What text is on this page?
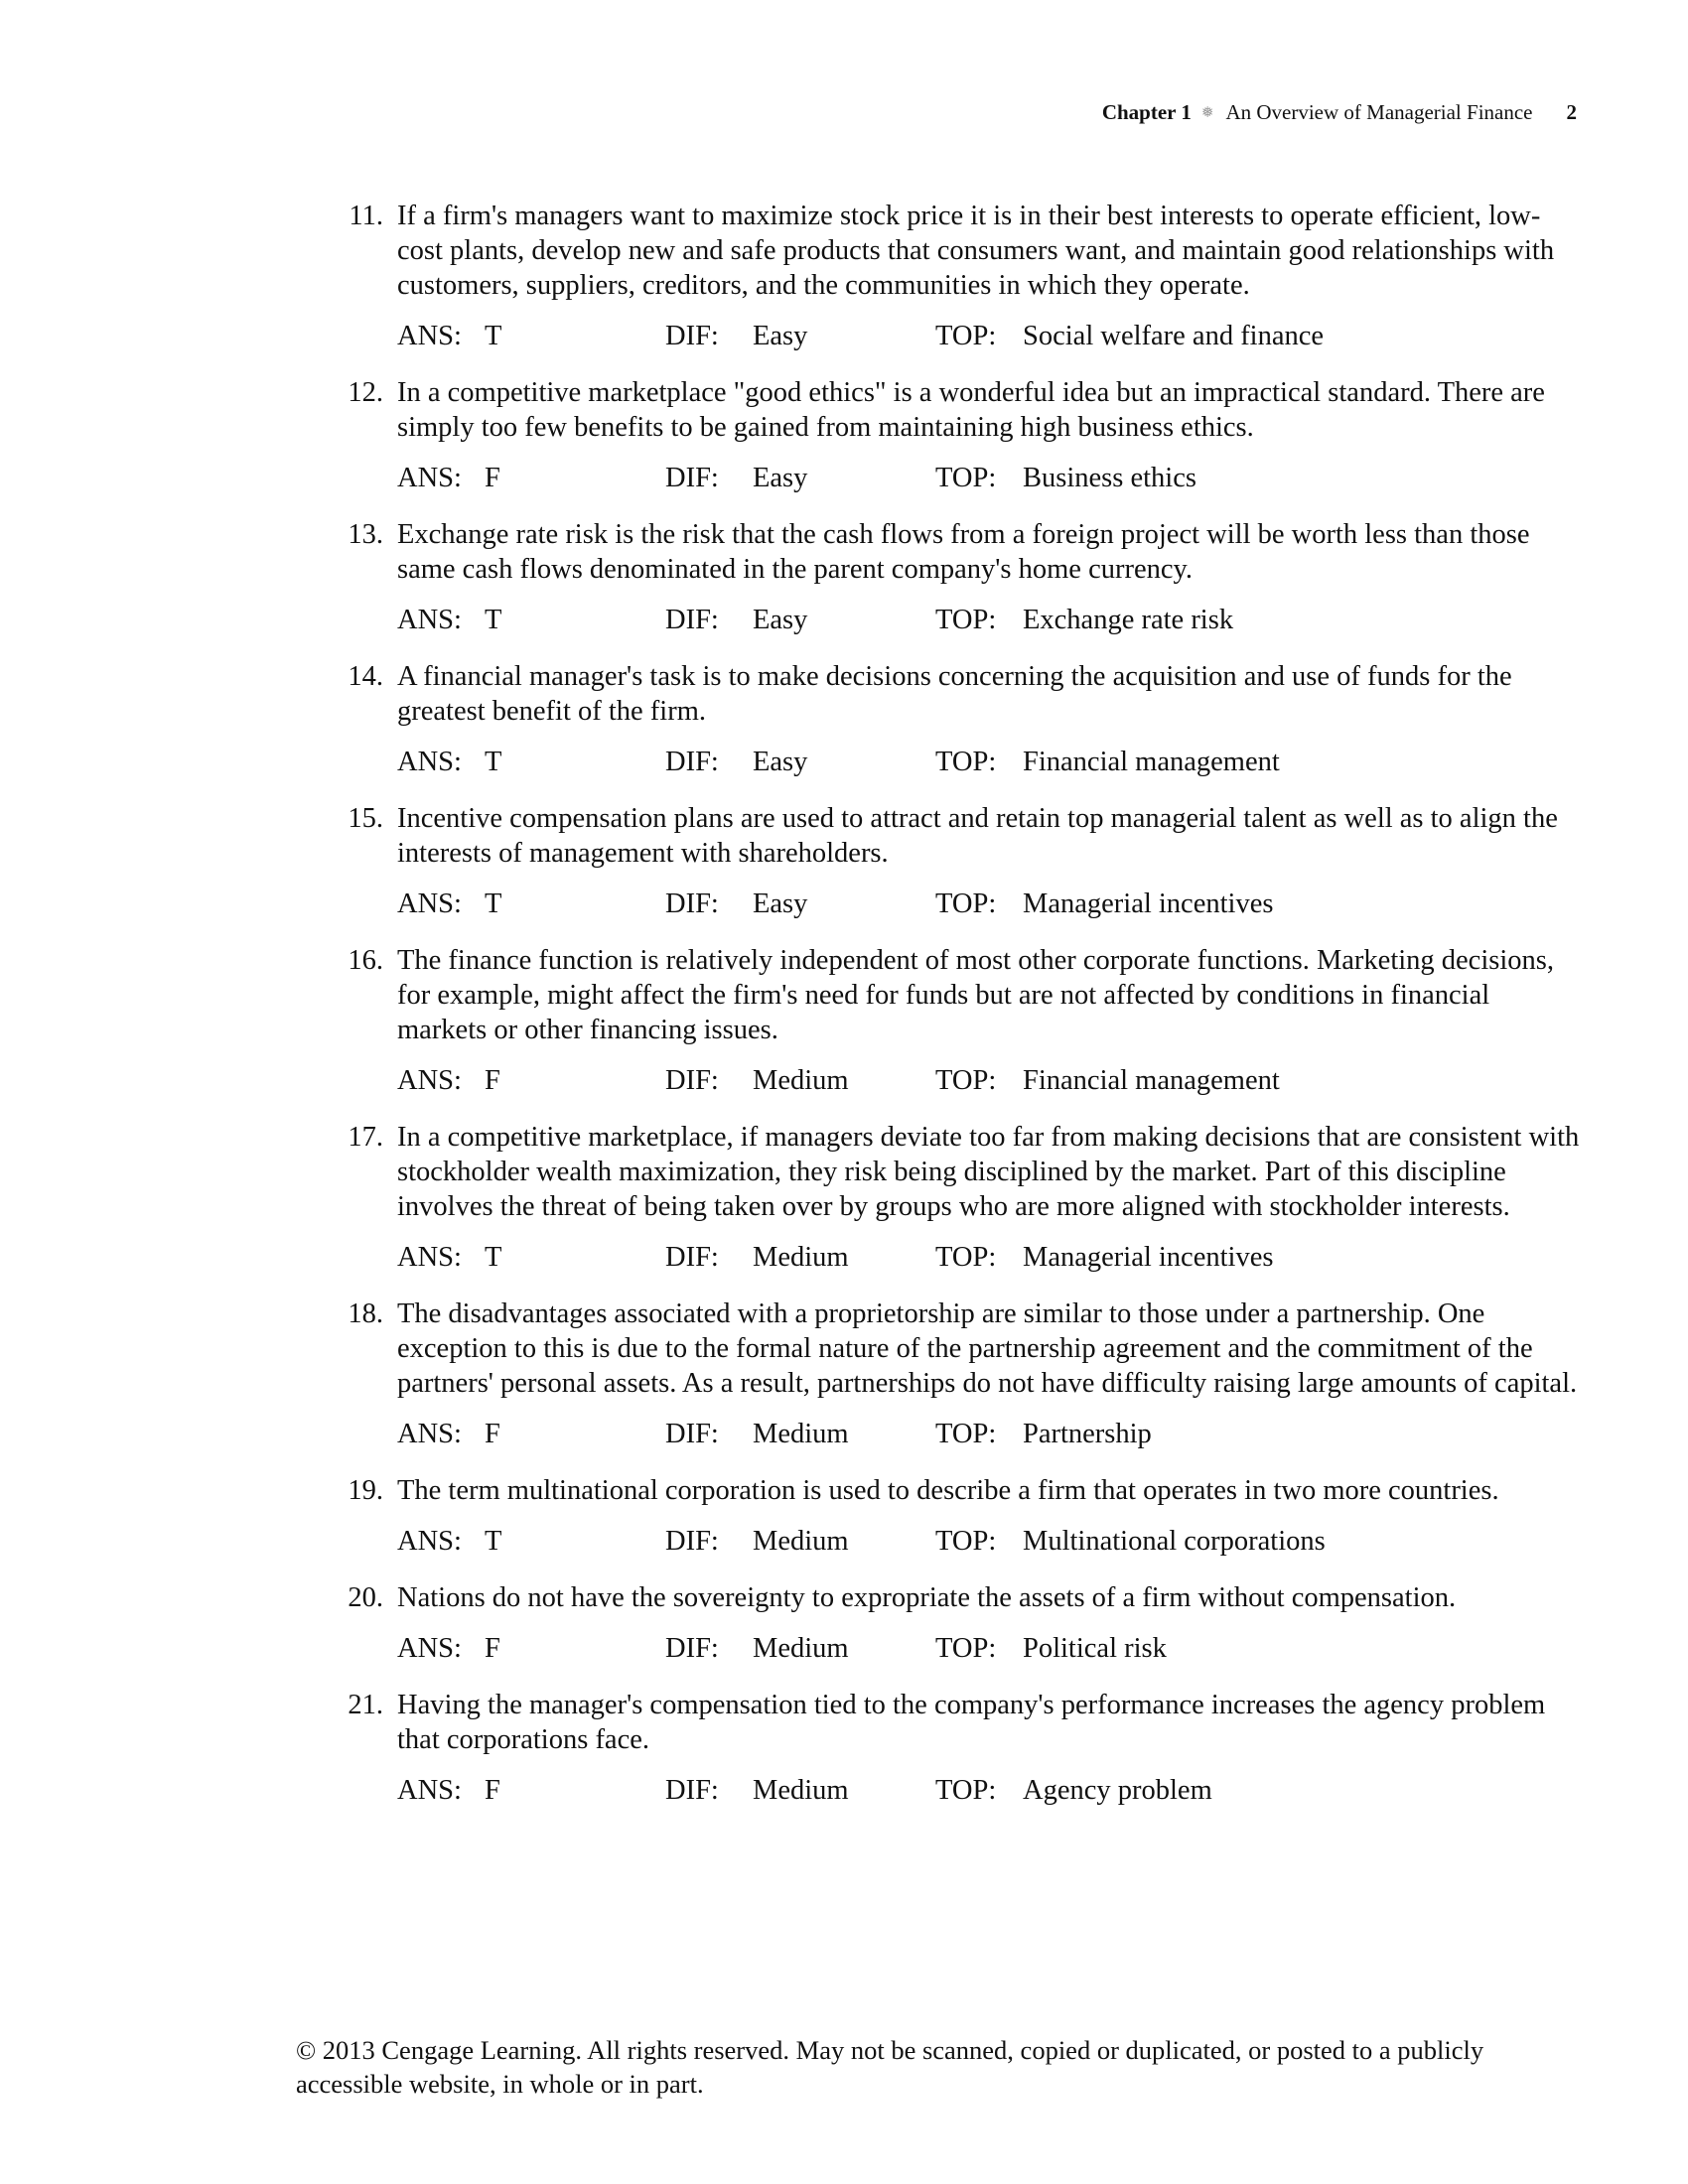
Chapter 1 ❅ An Overview of Managerial Finance 2
11. If a firm's managers want to maximize stock price it is in their best interests to operate efficient, low-cost plants, develop new and safe products that consumers want, and maintain good relationships with customers, suppliers, creditors, and the communities in which they operate.

ANS: T	DIF:	Easy	TOP: Social welfare and finance
12. In a competitive marketplace "good ethics" is a wonderful idea but an impractical standard. There are simply too few benefits to be gained from maintaining high business ethics.

ANS: F	DIF:	Easy	TOP: Business ethics
13. Exchange rate risk is the risk that the cash flows from a foreign project will be worth less than those same cash flows denominated in the parent company's home currency.

ANS: T	DIF:	Easy	TOP: Exchange rate risk
14. A financial manager's task is to make decisions concerning the acquisition and use of funds for the greatest benefit of the firm.

ANS: T	DIF:	Easy	TOP: Financial management
15. Incentive compensation plans are used to attract and retain top managerial talent as well as to align the interests of management with shareholders.

ANS: T	DIF:	Easy	TOP: Managerial incentives
16. The finance function is relatively independent of most other corporate functions. Marketing decisions, for example, might affect the firm's need for funds but are not affected by conditions in financial markets or other financing issues.

ANS: F	DIF:	Medium	TOP: Financial management
17. In a competitive marketplace, if managers deviate too far from making decisions that are consistent with stockholder wealth maximization, they risk being disciplined by the market. Part of this discipline involves the threat of being taken over by groups who are more aligned with stockholder interests.

ANS: T	DIF:	Medium	TOP: Managerial incentives
18. The disadvantages associated with a proprietorship are similar to those under a partnership. One exception to this is due to the formal nature of the partnership agreement and the commitment of the partners' personal assets. As a result, partnerships do not have difficulty raising large amounts of capital.

ANS: F	DIF:	Medium	TOP: Partnership
19. The term multinational corporation is used to describe a firm that operates in two more countries.

ANS: T	DIF:	Medium	TOP: Multinational corporations
20. Nations do not have the sovereignty to expropriate the assets of a firm without compensation.

ANS: F	DIF:	Medium	TOP: Political risk
21. Having the manager's compensation tied to the company's performance increases the agency problem that corporations face.

ANS: F	DIF:	Medium	TOP: Agency problem
© 2013 Cengage Learning. All rights reserved. May not be scanned, copied or duplicated, or posted to a publicly accessible website, in whole or in part.
